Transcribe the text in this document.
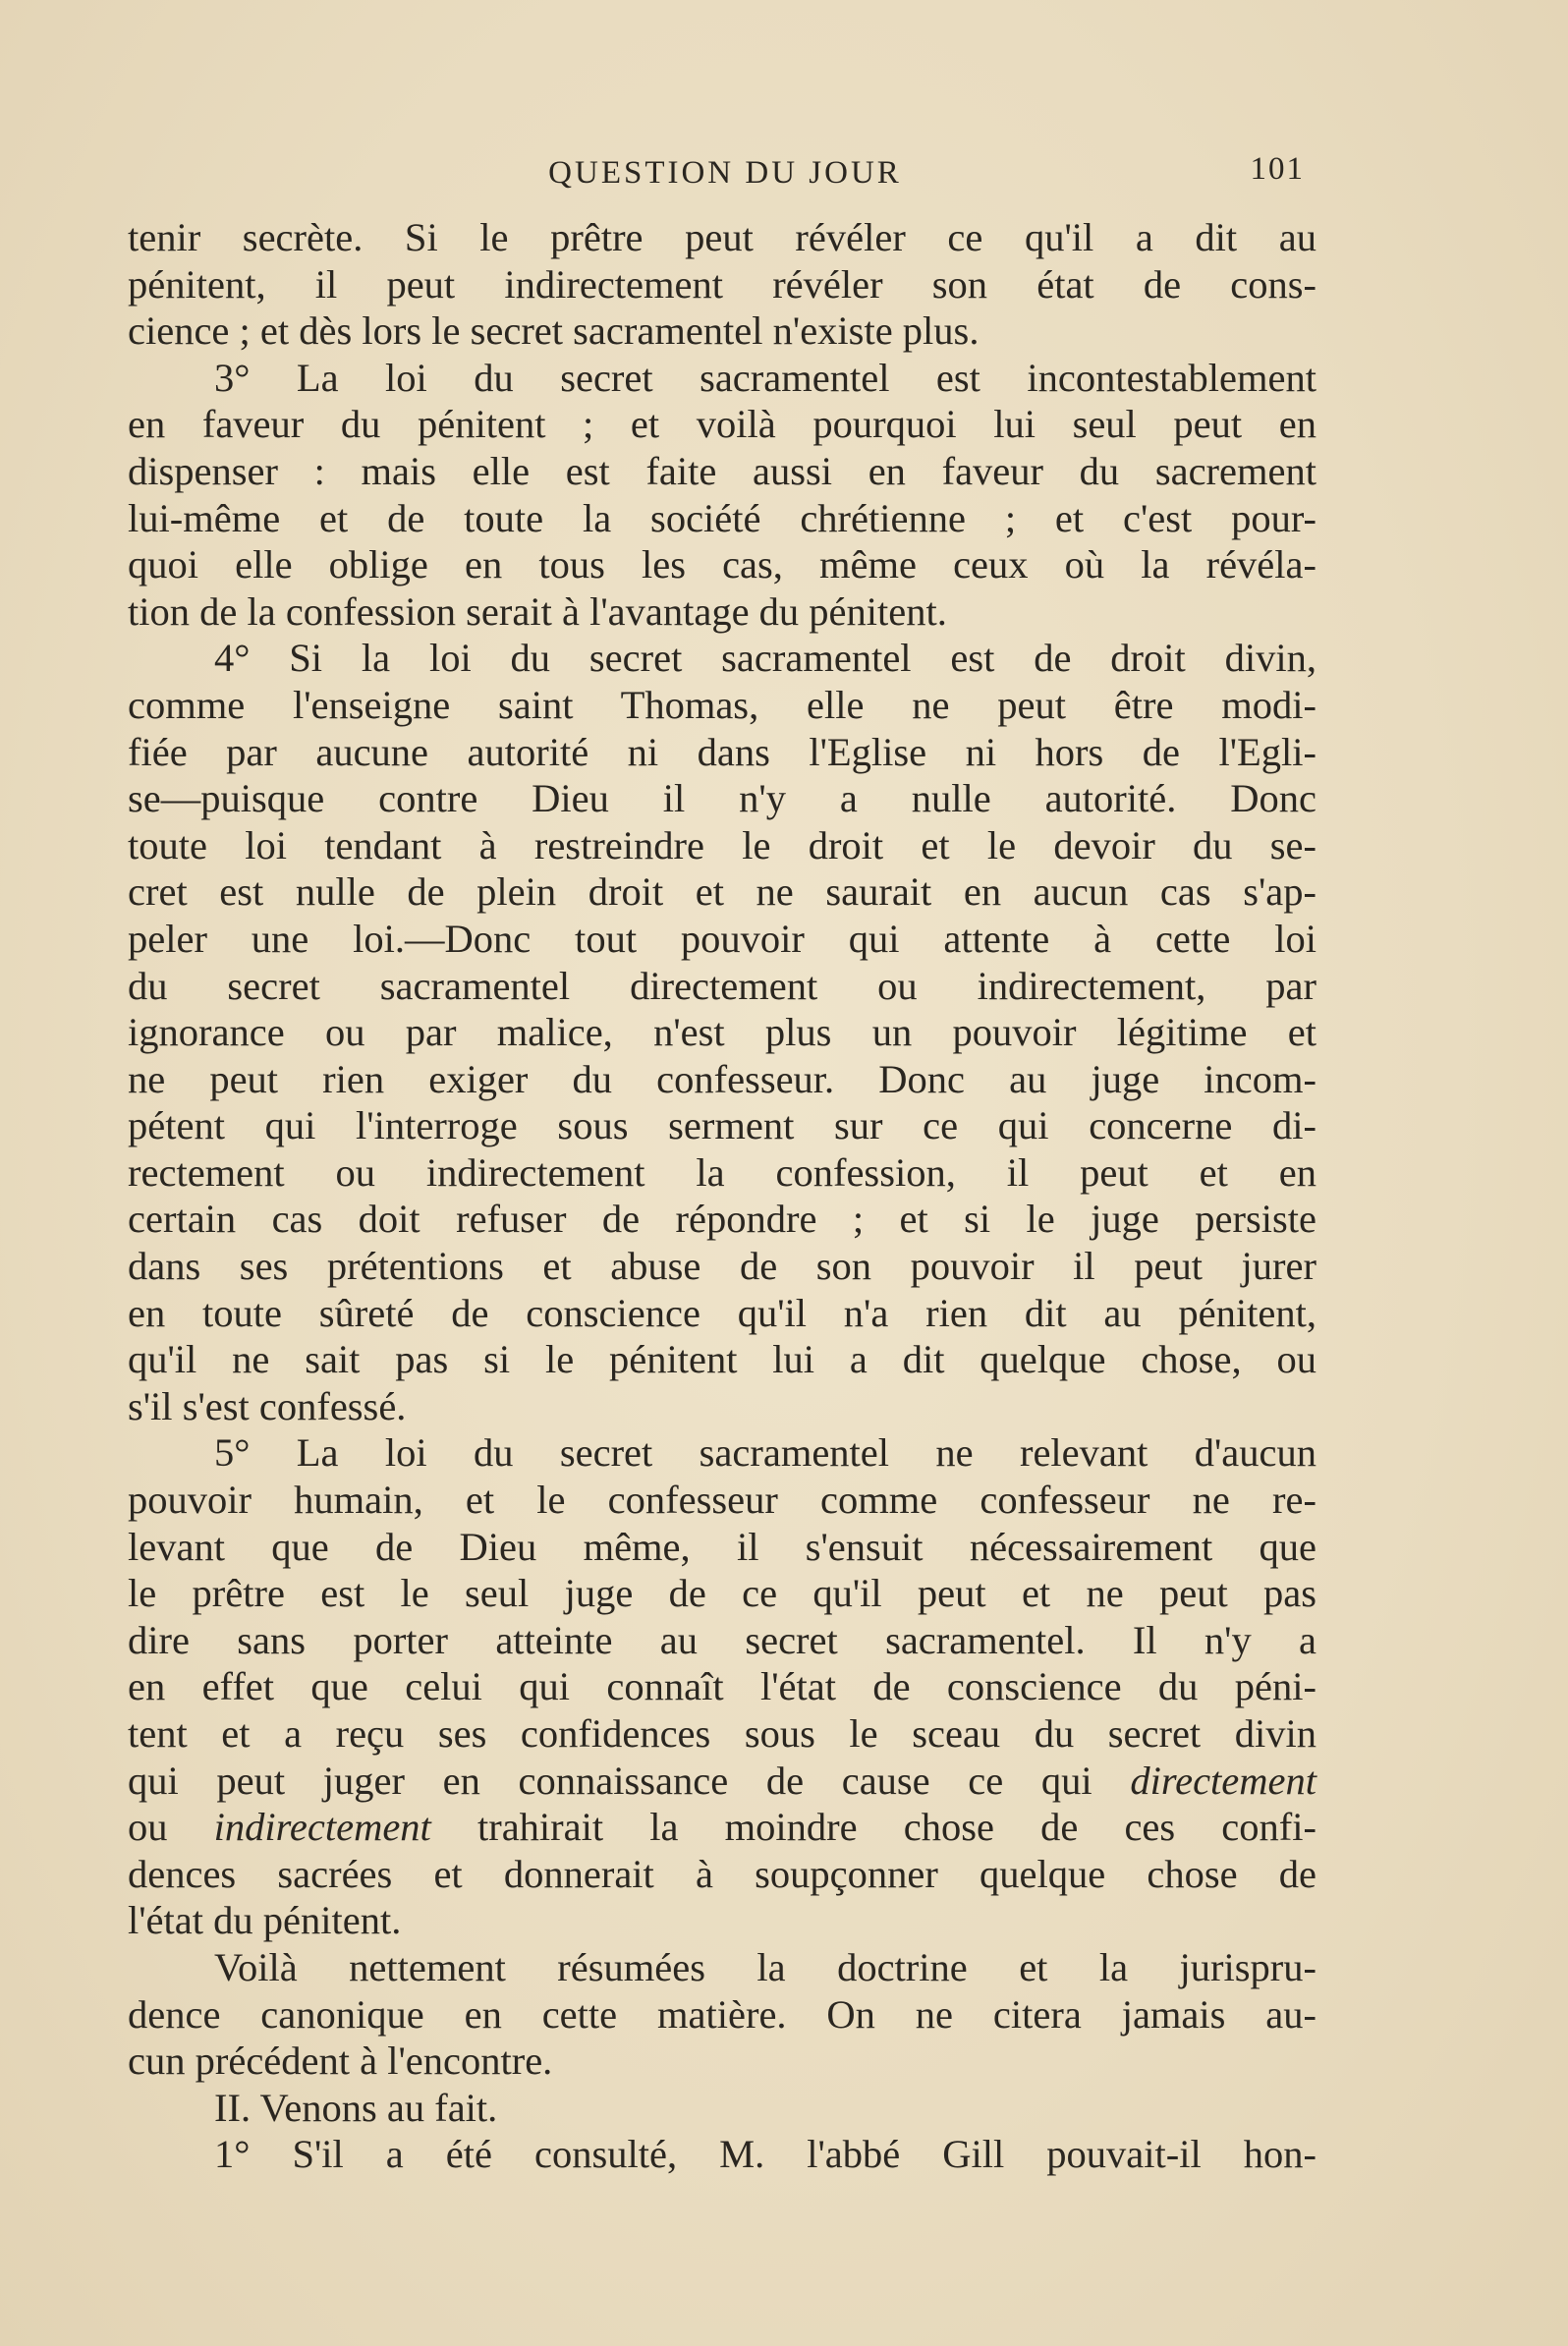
QUESTION DU JOUR	101
tenir secrète. Si le prêtre peut révéler ce qu'il a dit au
pénitent, il peut indirectement révéler son état de cons-
cience ; et dès lors le secret sacramentel n'existe plus.
3° La loi du secret sacramentel est incontestablement
en faveur du pénitent ; et voilà pourquoi lui seul peut en
dispenser : mais elle est faite aussi en faveur du sacrement
lui-même et de toute la société chrétienne ; et c'est pour-
quoi elle oblige en tous les cas, même ceux où la révéla-
tion de la confession serait à l'avantage du pénitent.
4° Si la loi du secret sacramentel est de droit divin,
comme l'enseigne saint Thomas, elle ne peut être modi-
fiée par aucune autorité ni dans l'Eglise ni hors de l'Egli-
se—puisque contre Dieu il n'y a nulle autorité. Donc
toute loi tendant à restreindre le droit et le devoir du se-
cret est nulle de plein droit et ne saurait en aucun cas s'ap-
peler une loi.—Donc tout pouvoir qui attente à cette loi
du secret sacramentel directement ou indirectement, par
ignorance ou par malice, n'est plus un pouvoir légitime et
ne peut rien exiger du confesseur. Donc au juge incom-
pétent qui l'interroge sous serment sur ce qui concerne di-
rectement ou indirectement la confession, il peut et en
certain cas doit refuser de répondre ; et si le juge persiste
dans ses prétentions et abuse de son pouvoir il peut jurer
en toute sûreté de conscience qu'il n'a rien dit au pénitent,
qu'il ne sait pas si le pénitent lui a dit quelque chose, ou
s'il s'est confessé.
5° La loi du secret sacramentel ne relevant d'aucun
pouvoir humain, et le confesseur comme confesseur ne re-
levant que de Dieu même, il s'ensuit nécessairement que
le prêtre est le seul juge de ce qu'il peut et ne peut pas
dire sans porter atteinte au secret sacramentel. Il n'y a
en effet que celui qui connaît l'état de conscience du péni-
tent et a reçu ses confidences sous le sceau du secret divin
qui peut juger en connaissance de cause ce qui directement
ou indirectement trahirait la moindre chose de ces confi-
dences sacrées et donnerait à soupçonner quelque chose de
l'état du pénitent.
Voilà nettement résumées la doctrine et la jurispru-
dence canonique en cette matière. On ne citera jamais au-
cun précédent à l'encontre.
II. Venons au fait.
1° S'il a été consulté, M. l'abbé Gill pouvait-il hon-
